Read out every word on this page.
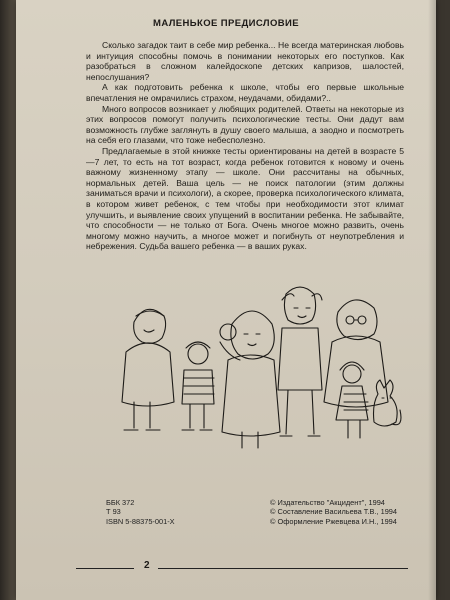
МАЛЕНЬКОЕ ПРЕДИСЛОВИЕ

Сколько загадок таит в себе мир ребенка... Не всегда материнская любовь и интуиция способны помочь в понимании некоторых его поступков. Как разобраться в сложном калейдоскопе детских капризов, шалостей, непослушания?

А как подготовить ребенка к школе, чтобы его первые школьные впечатления не омрачились страхом, неудачами, обидами?..

Много вопросов возникает у любящих родителей. Ответы на некоторые из этих вопросов помогут получить психологические тесты. Они дадут вам возможность глубже заглянуть в душу своего малыша, а заодно и посмотреть на себя его глазами, что тоже небесполезно.

Предлагаемые в этой книжке тесты ориентированы на детей в возрасте 5—7 лет, то есть на тот возраст, когда ребенок готовится к новому и очень важному жизненному этапу — школе. Они рассчитаны на обычных, нормальных детей. Ваша цель — не поиск патологии (этим должны заниматься врачи и психологи), а скорее, проверка психологического климата, в котором живет ребенок, с тем чтобы при необходимости этот климат улучшить, и выявление своих упущений в воспитании ребенка. Не забывайте, что способности — не только от Бога. Очень многое можно развить, очень многому можно научить, а многое может и погибнуть от неупотребления и небрежения. Судьба вашего ребенка — в ваших руках.

ББК 372
Т 93
ISBN 5-88375-001-X
© Издательство "Акцидент", 1994
© Составление Васильева Т.В., 1994
© Оформление Ржевцева И.Н., 1994
2
